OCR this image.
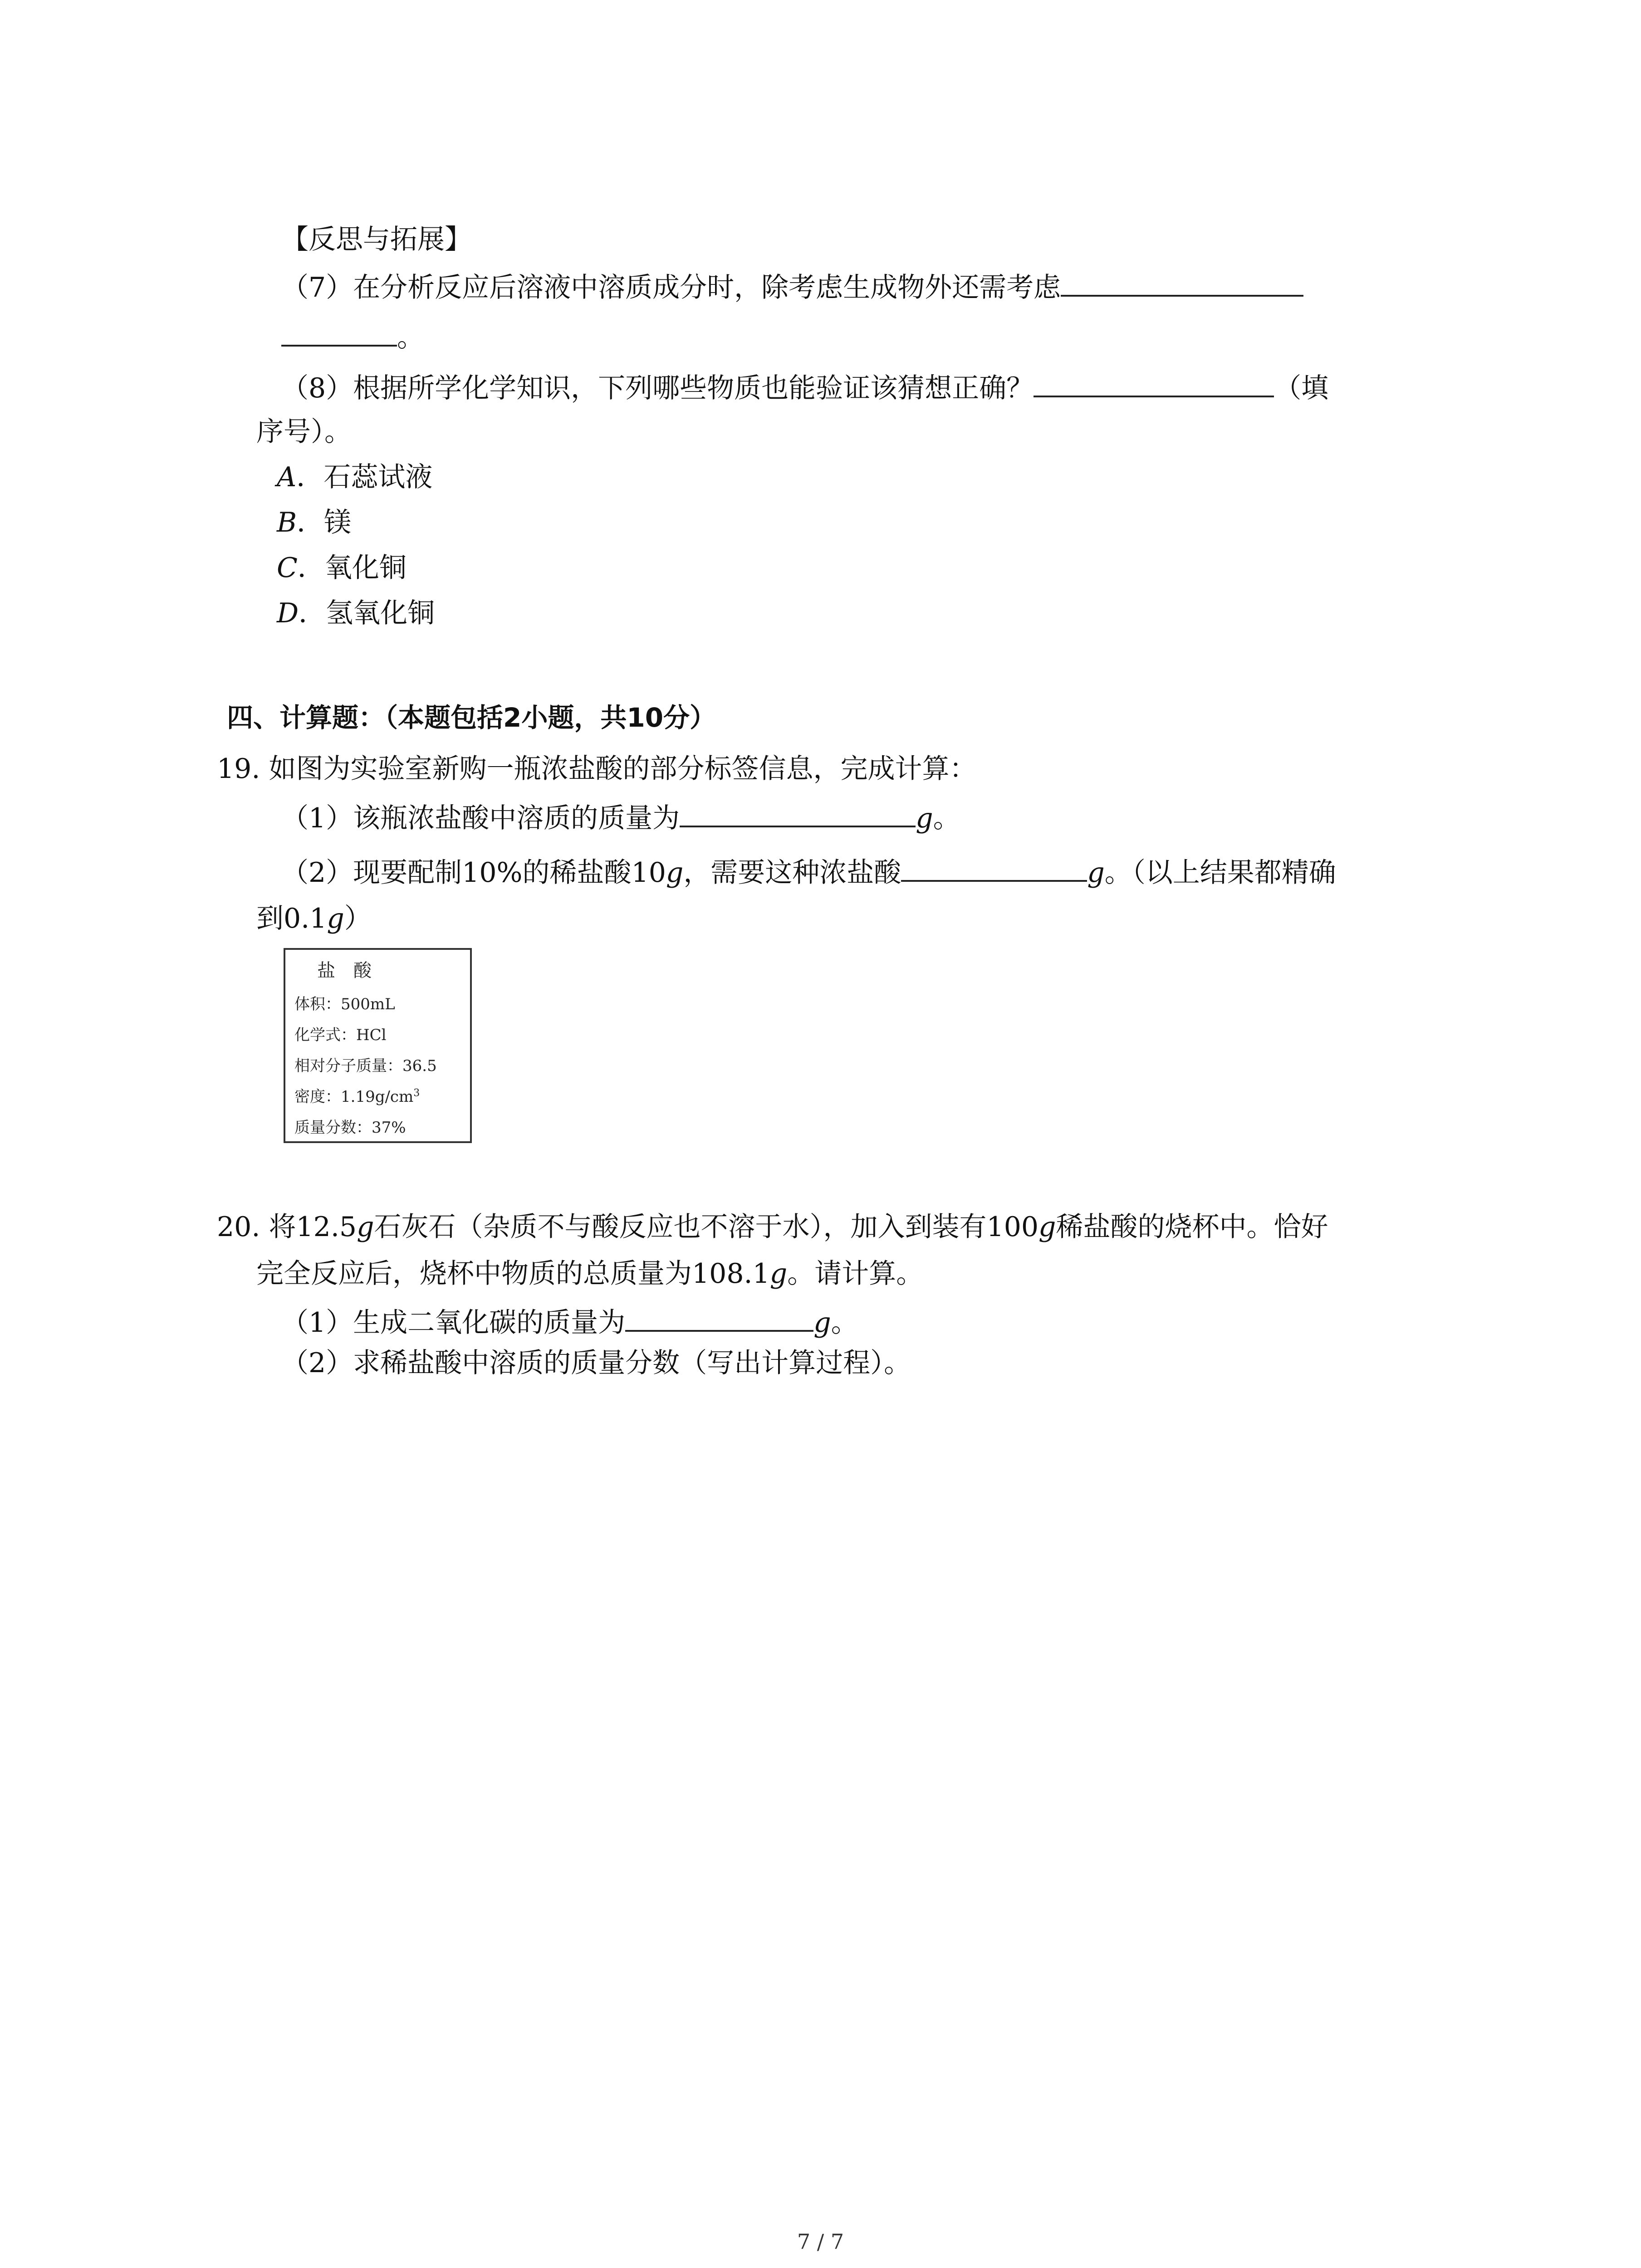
【反思与拓展】
（7）在分析反应后溶液中溶质成分时，除考虑生成物外还需考虑
。
（8）根据所学化学知识，下列哪些物质也能验证该猜想正确？	（填
序号）。
A．石蕊试液
B．镁
C．氧化铜
D．氢氧化铜
四、计算题：（本题包括2小题，共10分）
19. 如图为实验室新购一瓶浓盐酸的部分标签信息，完成计算：
（1）该瓶浓盐酸中溶质的质量为	g。
（2）现要配制10%的稀盐酸10g，需要这种浓盐酸	g。（以上结果都精确
到0.1g）
盐酸
体积：500mL
化学式：HCl
相对分子质量：36.5
密度：$1.19g/cm^3$
质量分数：37%
20. 将12.5g石灰石（杂质不与酸反应也不溶于水），加入到装有100g稀盐酸的烧杯中。恰好
完全反应后，烧杯中物质的总质量为108.1g。请计算。
（1）生成二氧化碳的质量为	g。
（2）求稀盐酸中溶质的质量分数（写出计算过程）。
7 / 7
